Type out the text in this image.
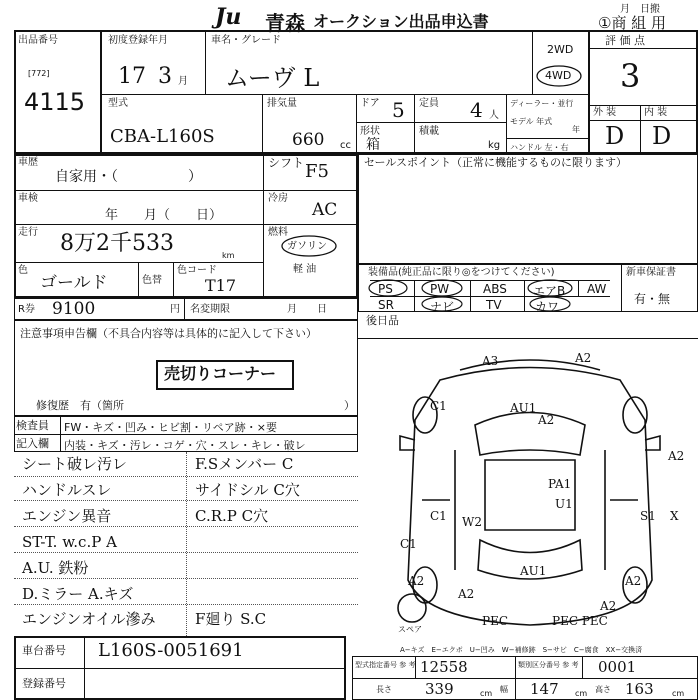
Ju 青森 オークション出品申込書
月　日搬
①商 組 用
出品番号
[772]
4115
初度登録年月
17 3 月
車名・グレード
ムーヴ L
2WD
4WD
評 価 点
3
外 装	内 装
D D
型式
CBA-L160S
排気量
660 cc
ドア 5 定員 4 人
ディーラー・並行
モデル 年式
年
形状
箱
積載
kg ハンドル 左・右
車歴
自家用・（　　　　　）
シフト F5
車検
年　　月（　　日）
冷房
AC
走行 8万2千533	km
燃料
ガソリン
軽 油
色
ゴールド	色替
色コード
T17
R券 9100	円 名変期限	月　　日
セールスポイント（正常に機能するものに限ります）
装備品(純正品に限り◎をつけてください)	新車保証書
有・無
PS	PW	ABS エアB AW
SR	ナビ	TV	カワ
後日品
注意事項申告欄（不具合内容等は具体的に記入して下さい）
売切りコーナー
修復歴　有（箇所	）
検査員 FW・キズ・凹み・ヒビ割・リペア跡・×要
記入欄 内装・キズ・汚レ・コゲ・穴・スレ・キレ・破レ
シート破レ汚レ	F.Sメンバー C
ハンドルスレ	サイドシル C穴
エンジン異音	C.R.P C穴
ST-T. w.c.P A
A.U. 鉄粉
D.ミラー A.キズ
エンジンオイル滲み	F廻り S.C
A3	A2
C1	AU1
A2
A2
PA1
U1
C1 W2
C1
AU1
A2
A2
S1
A2
PEC	PEC PEC
A2
X
スペア
A−キズ　E−エクボ　U−凹み　W−補修跡　S−サビ　C−腐食　XX−交換済
車台番号 L160S-0051691
登録番号
型式指定番号 参 考 12558	類別区分番号 参 考 0001
長さ 339	cm 幅 147 cm 高さ 163 cm
